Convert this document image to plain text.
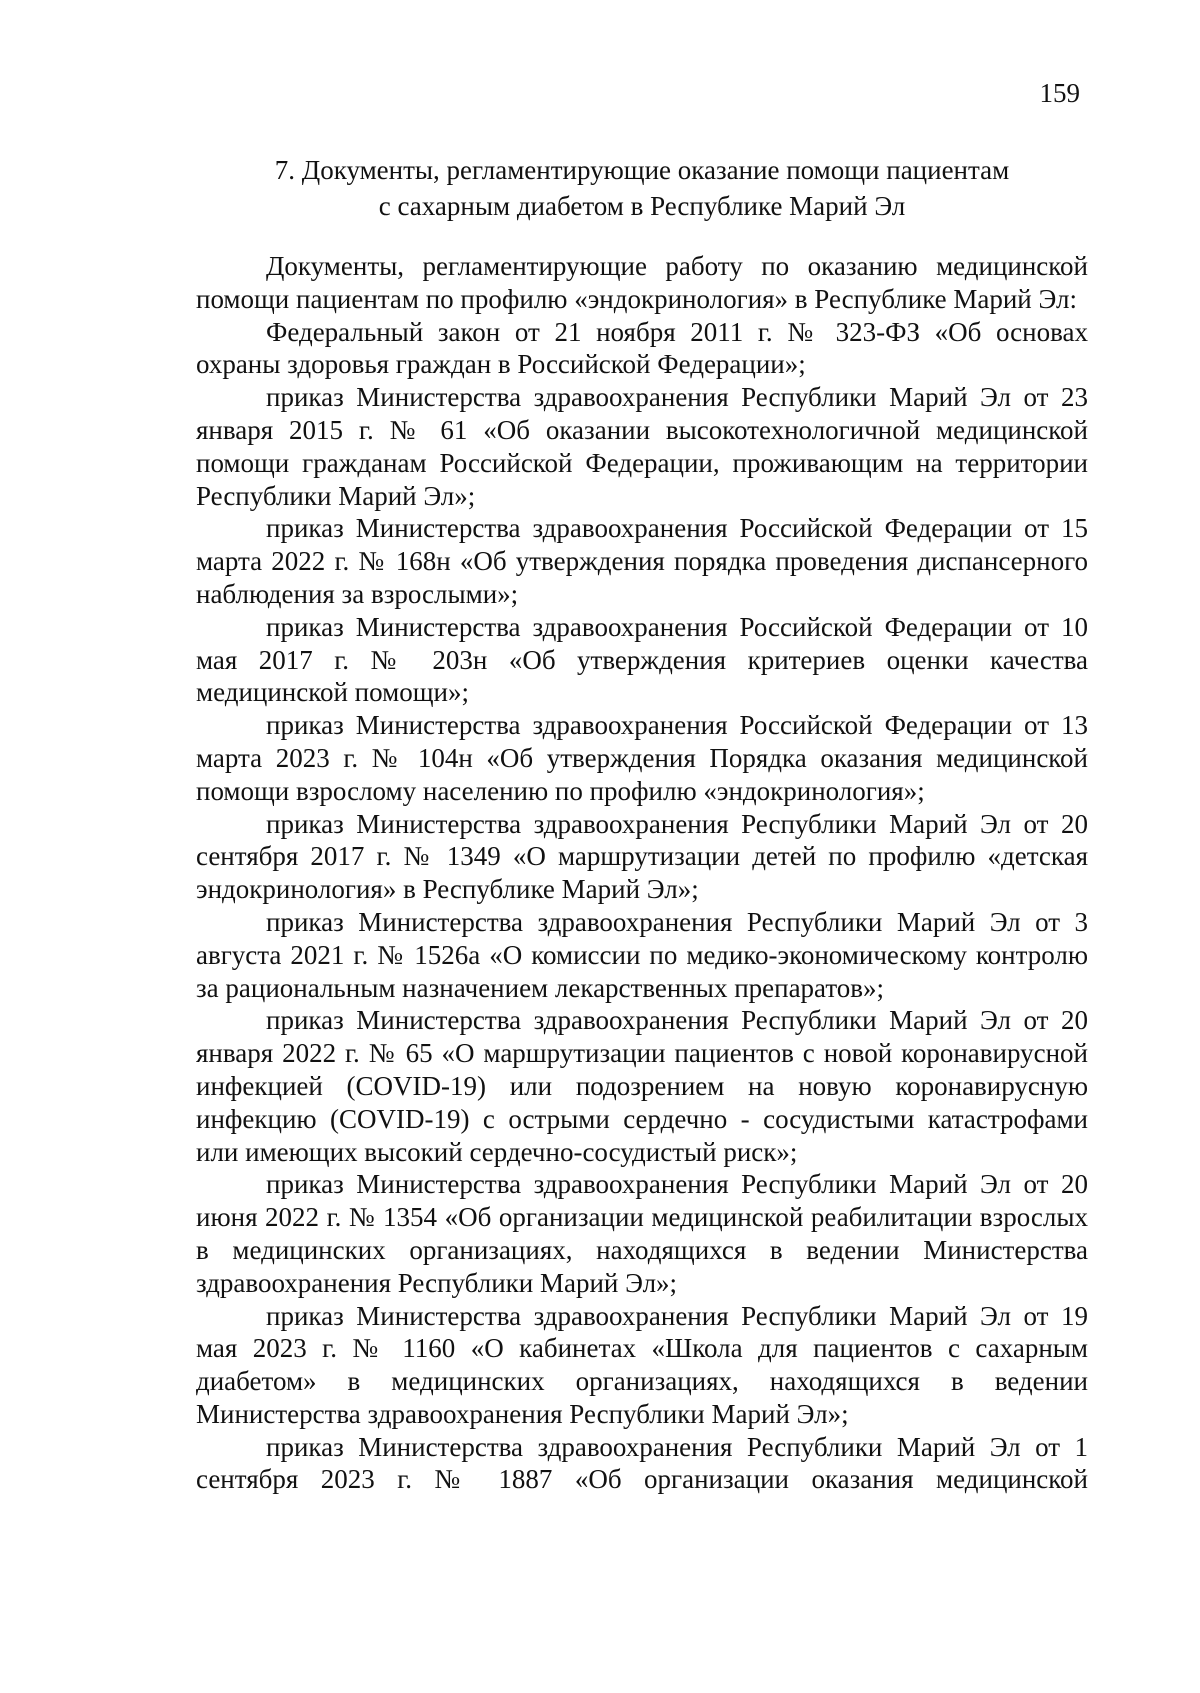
159
7. Документы, регламентирующие оказание помощи пациентам
с сахарным диабетом в Республике Марий Эл

Документы, регламентирующие работу по оказанию медицинской помощи пациентам по профилю «эндокринология» в Республике Марий Эл:

Федеральный закон от 21 ноября 2011 г. № 323-ФЗ «Об основах охраны здоровья граждан в Российской Федерации»;

приказ Министерства здравоохранения Республики Марий Эл от 23 января 2015 г. № 61 «Об оказании высокотехнологичной медицинской помощи гражданам Российской Федерации, проживающим на территории Республики Марий Эл»;

приказ Министерства здравоохранения Российской Федерации от 15 марта 2022 г. № 168н «Об утверждения порядка проведения диспансерного наблюдения за взрослыми»;

приказ Министерства здравоохранения Российской Федерации от 10 мая 2017 г. № 203н «Об утверждения критериев оценки качества медицинской помощи»;

приказ Министерства здравоохранения Российской Федерации от 13 марта 2023 г. № 104н «Об утверждения Порядка оказания медицинской помощи взрослому населению по профилю «эндокринология»;

приказ Министерства здравоохранения Республики Марий Эл от 20 сентября 2017 г. № 1349 «О маршрутизации детей по профилю «детская эндокринология» в Республике Марий Эл»;

приказ Министерства здравоохранения Республики Марий Эл от 3 августа 2021 г. № 1526а «О комиссии по медико-экономическому контролю за рациональным назначением лекарственных препаратов»;

приказ Министерства здравоохранения Республики Марий Эл от 20 января 2022 г. № 65 «О маршрутизации пациентов с новой коронавирусной инфекцией (COVID-19) или подозрением на новую коронавирусную инфекцию (COVID-19) с острыми сердечно - сосудистыми катастрофами или имеющих высокий сердечно-сосудистый риск»;

приказ Министерства здравоохранения Республики Марий Эл от 20 июня 2022 г. № 1354 «Об организации медицинской реабилитации взрослых в медицинских организациях, находящихся в ведении Министерства здравоохранения Республики Марий Эл»;

приказ Министерства здравоохранения Республики Марий Эл от 19 мая 2023 г. № 1160 «О кабинетах «Школа для пациентов с сахарным диабетом» в медицинских организациях, находящихся в ведении Министерства здравоохранения Республики Марий Эл»;

приказ Министерства здравоохранения Республики Марий Эл от 1 сентября 2023 г. № 1887 «Об организации оказания медицинской
